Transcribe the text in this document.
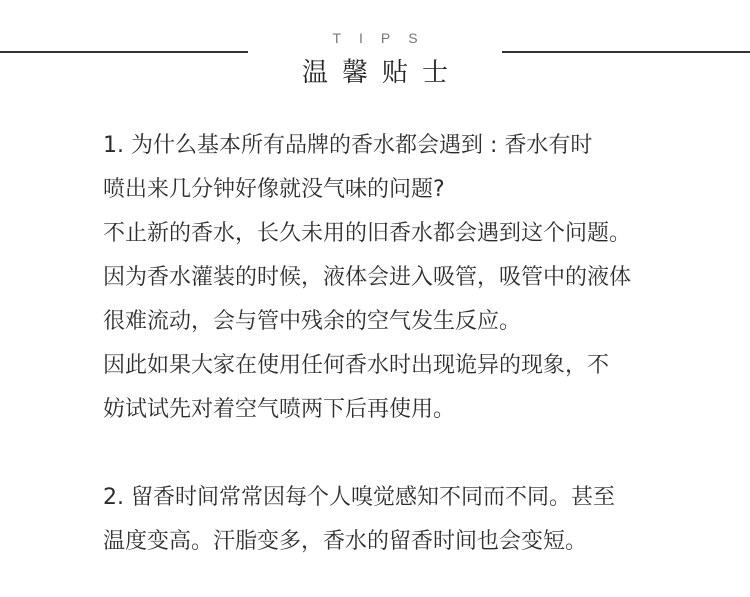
TIPS
温馨贴士
1. 为什么基本所有品牌的香水都会遇到 : 香水有时
喷出来几分钟好像就没气味的问题?
不止新的香水，长久未用的旧香水都会遇到这个问题。
因为香水灌装的时候，液体会进入吸管，吸管中的液体
很难流动，会与管中残余的空气发生反应。
因此如果大家在使用任何香水时出现诡异的现象，不
妨试试先对着空气喷两下后再使用。
2. 留香时间常常因每个人嗅觉感知不同而不同。甚至
温度变高。汗脂变多，香水的留香时间也会变短。
